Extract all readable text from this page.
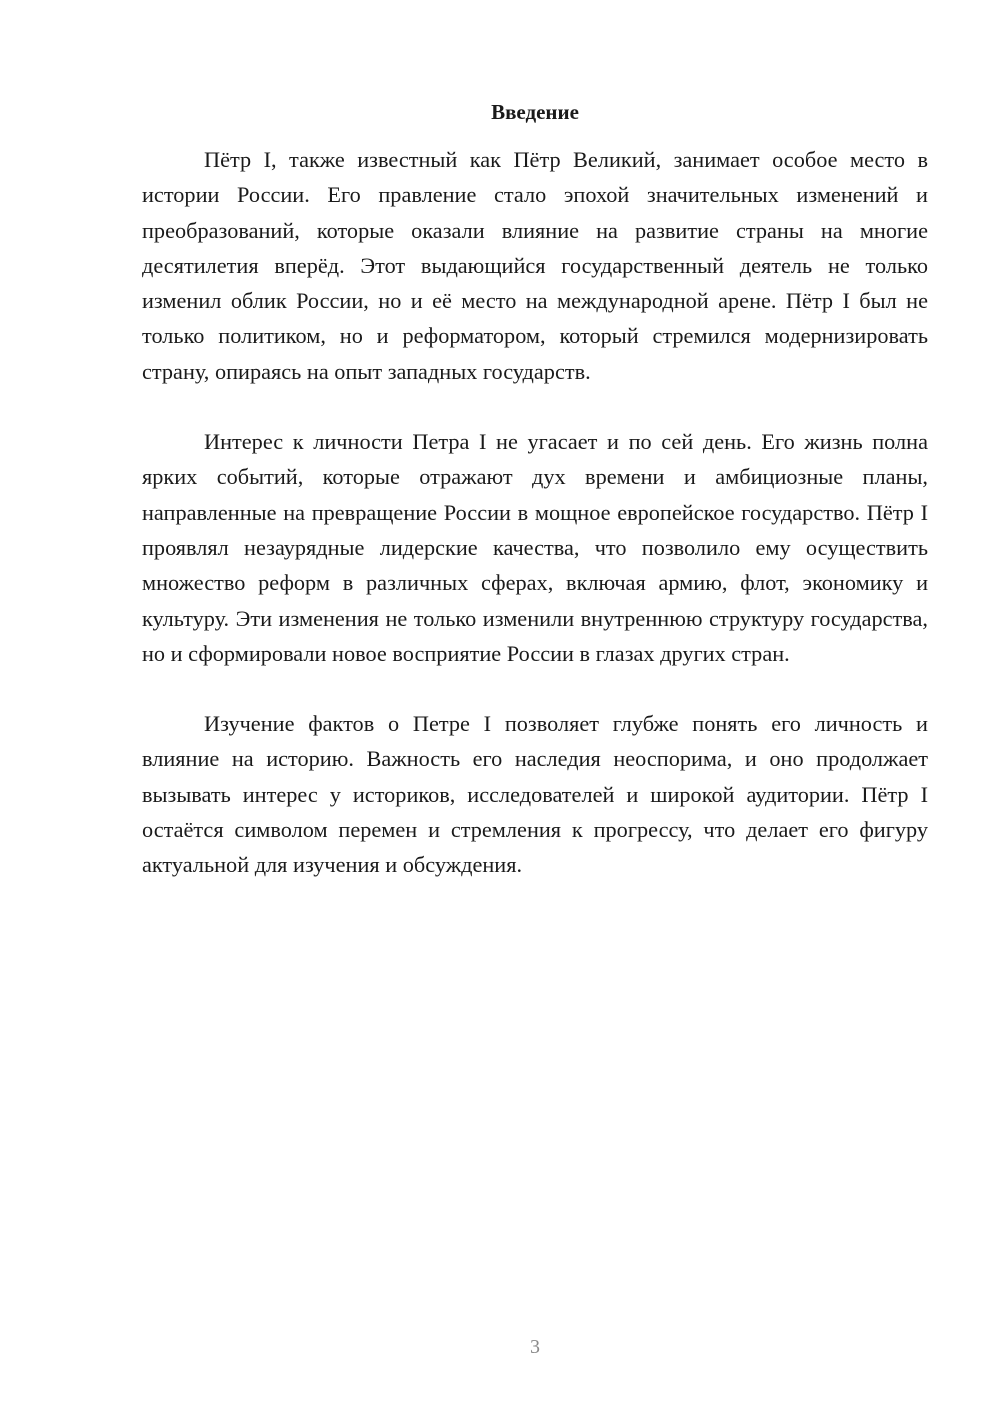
Введение

Пётр I, также известный как Пётр Великий, занимает особое место в истории России. Его правление стало эпохой значительных изменений и преобразований, которые оказали влияние на развитие страны на многие десятилетия вперёд. Этот выдающийся государственный деятель не только изменил облик России, но и её место на международной арене. Пётр I был не только политиком, но и реформатором, который стремился модернизировать страну, опираясь на опыт западных государств.

Интерес к личности Петра I не угасает и по сей день. Его жизнь полна ярких событий, которые отражают дух времени и амбициозные планы, направленные на превращение России в мощное европейское государство. Пётр I проявлял незаурядные лидерские качества, что позволило ему осуществить множество реформ в различных сферах, включая армию, флот, экономику и культуру. Эти изменения не только изменили внутреннюю структуру государства, но и сформировали новое восприятие России в глазах других стран.

Изучение фактов о Петре I позволяет глубже понять его личность и влияние на историю. Важность его наследия неоспорима, и оно продолжает вызывать интерес у историков, исследователей и широкой аудитории. Пётр I остаётся символом перемен и стремления к прогрессу, что делает его фигуру актуальной для изучения и обсуждения.

3
